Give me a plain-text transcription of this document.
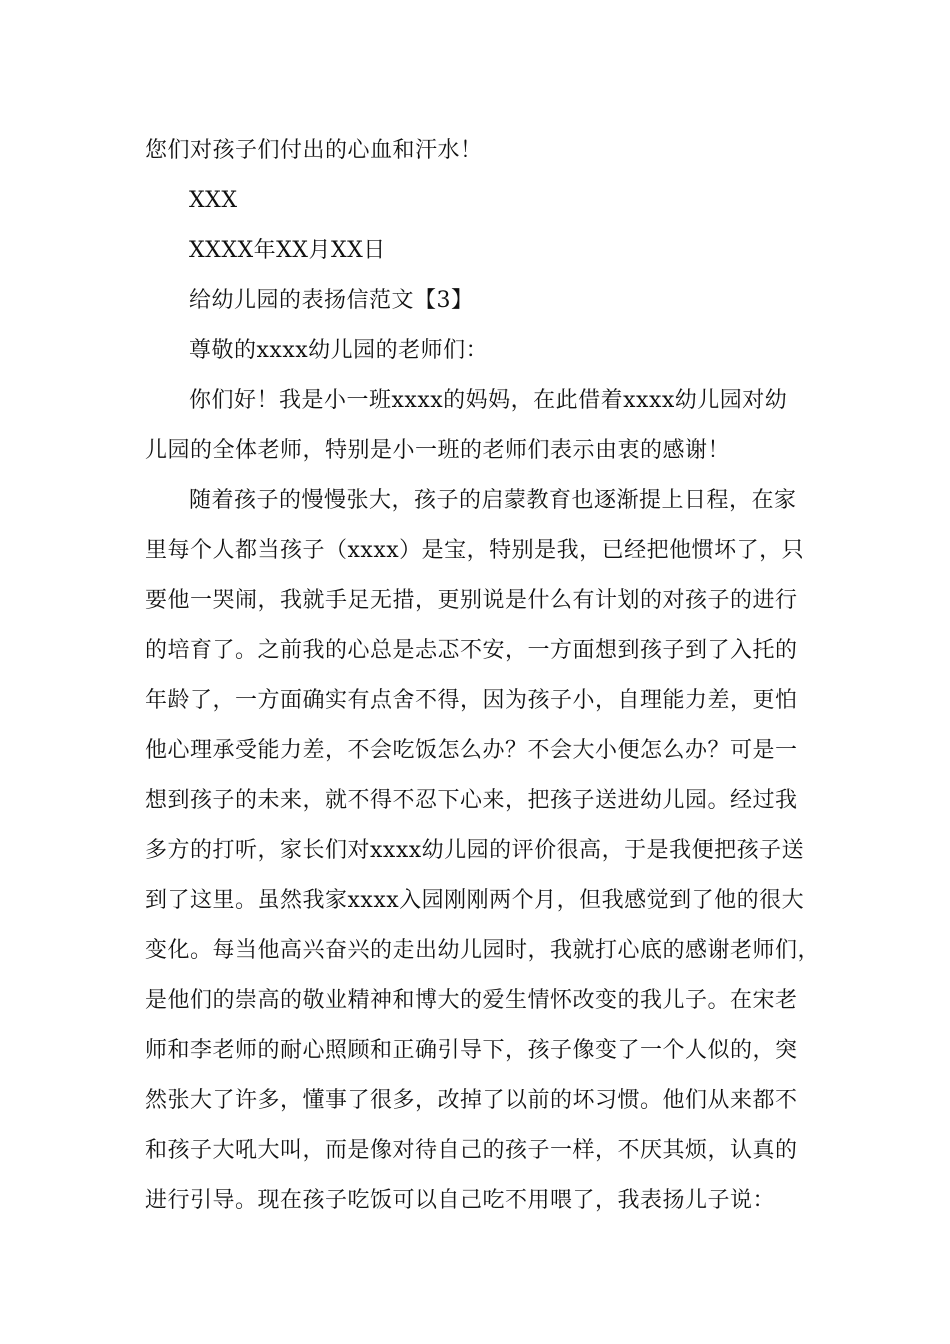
您们对孩子们付出的心血和汗水！
XXX
XXXX年XX月XX日
给幼儿园的表扬信范文【3】
尊敬的xxxx幼儿园的老师们：
你们好！我是小一班xxxx的妈妈，在此借着xxxx幼儿园对幼
儿园的全体老师，特别是小一班的老师们表示由衷的感谢！
随着孩子的慢慢张大，孩子的启蒙教育也逐渐提上日程，在家
里每个人都当孩子（xxxx）是宝，特别是我，已经把他惯坏了，只
要他一哭闹，我就手足无措，更别说是什么有计划的对孩子的进行
的培育了。之前我的心总是忐忑不安，一方面想到孩子到了入托的
年龄了，一方面确实有点舍不得，因为孩子小，自理能力差，更怕
他心理承受能力差，不会吃饭怎么办？不会大小便怎么办？可是一
想到孩子的未来，就不得不忍下心来，把孩子送进幼儿园。经过我
多方的打听，家长们对xxxx幼儿园的评价很高，于是我便把孩子送
到了这里。虽然我家xxxx入园刚刚两个月，但我感觉到了他的很大
变化。每当他高兴奋兴的走出幼儿园时，我就打心底的感谢老师们，
是他们的崇高的敬业精神和博大的爱生情怀改变的我儿子。在宋老
师和李老师的耐心照顾和正确引导下，孩子像变了一个人似的，突
然张大了许多，懂事了很多，改掉了以前的坏习惯。他们从来都不
和孩子大吼大叫，而是像对待自己的孩子一样，不厌其烦，认真的
进行引导。现在孩子吃饭可以自己吃不用喂了，我表扬儿子说：
